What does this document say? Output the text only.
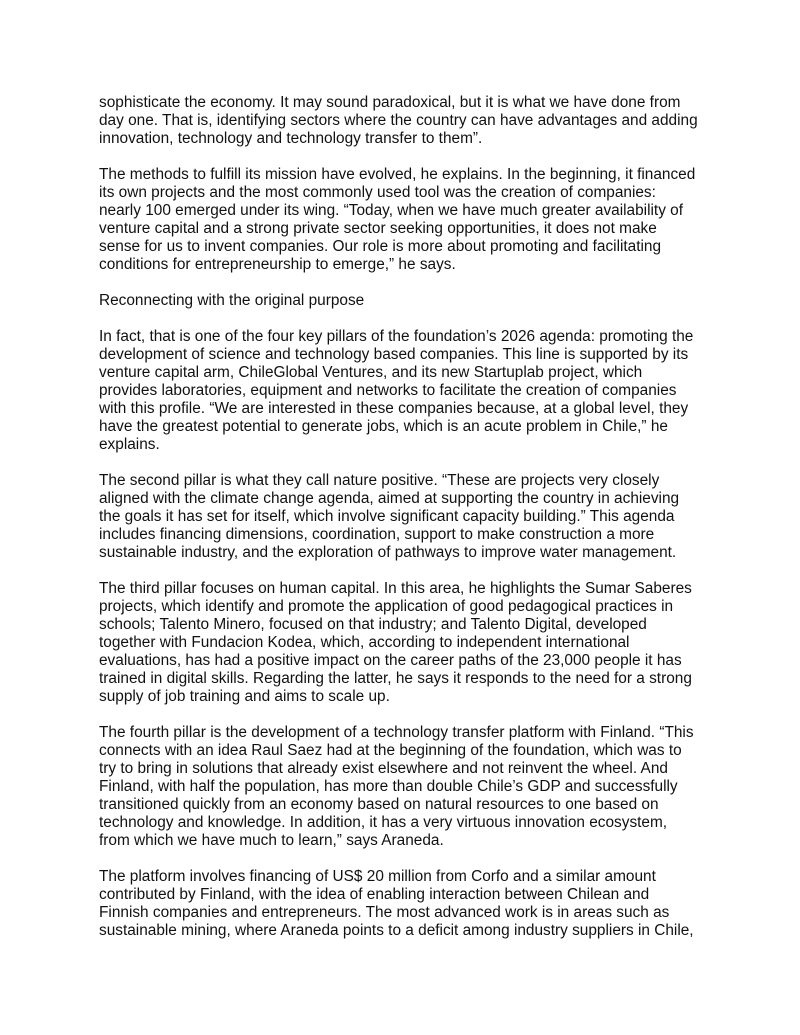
sophisticate the economy. It may sound paradoxical, but it is what we have done from
day one. That is, identifying sectors where the country can have advantages and adding
innovation, technology and technology transfer to them”.

The methods to fulfill its mission have evolved, he explains. In the beginning, it financed
its own projects and the most commonly used tool was the creation of companies:
nearly 100 emerged under its wing. “Today, when we have much greater availability of
venture capital and a strong private sector seeking opportunities, it does not make
sense for us to invent companies. Our role is more about promoting and facilitating
conditions for entrepreneurship to emerge,” he says.

Reconnecting with the original purpose

In fact, that is one of the four key pillars of the foundation’s 2026 agenda: promoting the
development of science and technology based companies. This line is supported by its
venture capital arm, ChileGlobal Ventures, and its new Startuplab project, which
provides laboratories, equipment and networks to facilitate the creation of companies
with this profile. “We are interested in these companies because, at a global level, they
have the greatest potential to generate jobs, which is an acute problem in Chile,” he
explains.

The second pillar is what they call nature positive. “These are projects very closely
aligned with the climate change agenda, aimed at supporting the country in achieving
the goals it has set for itself, which involve significant capacity building.” This agenda
includes financing dimensions, coordination, support to make construction a more
sustainable industry, and the exploration of pathways to improve water management.

The third pillar focuses on human capital. In this area, he highlights the Sumar Saberes
projects, which identify and promote the application of good pedagogical practices in
schools; Talento Minero, focused on that industry; and Talento Digital, developed
together with Fundacion Kodea, which, according to independent international
evaluations, has had a positive impact on the career paths of the 23,000 people it has
trained in digital skills. Regarding the latter, he says it responds to the need for a strong
supply of job training and aims to scale up.

The fourth pillar is the development of a technology transfer platform with Finland. “This
connects with an idea Raul Saez had at the beginning of the foundation, which was to
try to bring in solutions that already exist elsewhere and not reinvent the wheel. And
Finland, with half the population, has more than double Chile’s GDP and successfully
transitioned quickly from an economy based on natural resources to one based on
technology and knowledge. In addition, it has a very virtuous innovation ecosystem,
from which we have much to learn,” says Araneda.

The platform involves financing of US$ 20 million from Corfo and a similar amount
contributed by Finland, with the idea of enabling interaction between Chilean and
Finnish companies and entrepreneurs. The most advanced work is in areas such as
sustainable mining, where Araneda points to a deficit among industry suppliers in Chile,
